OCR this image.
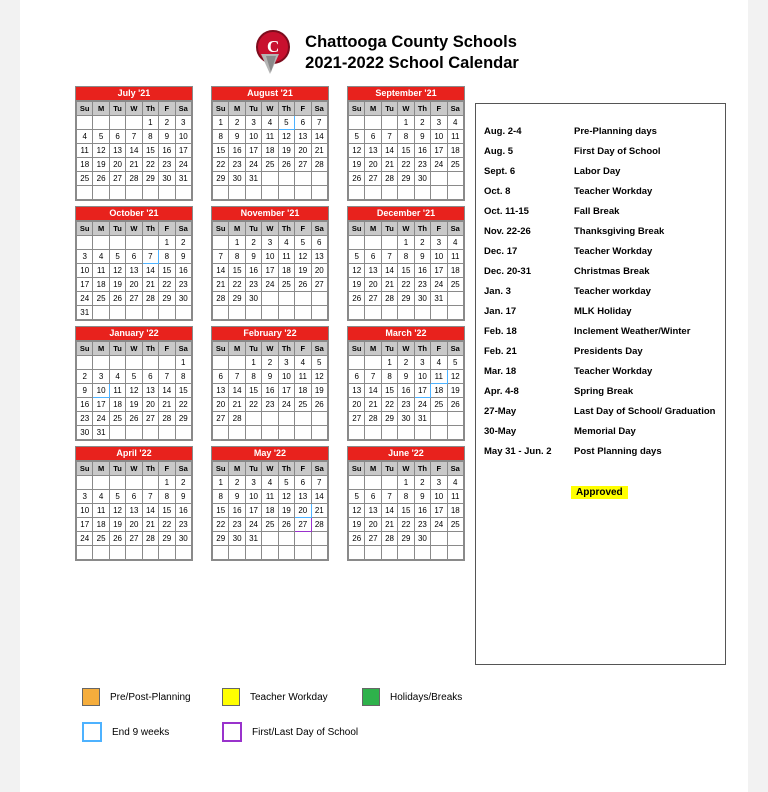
C	Chattooga County Schools
2021-2022 School Calendar
July '21
Su	M	Tu	W	Th	F	Sa
				1	2	3
4	5	6	7	8	9	10
11	12	13	14	15	16	17
18	19	20	21	22	23	24
25	26	27	28	29	30	31

August '21
Su	M	Tu	W	Th	F	Sa
1	2	3	4	5	6	7
8	9	10	11	12	13	14
15	16	17	18	19	20	21
22	23	24	25	26	27	28
29	30	31				

September '21
Su	M	Tu	W	Th	F	Sa
			1	2	3	4
5	6	7	8	9	10	11
12	13	14	15	16	17	18
19	20	21	22	23	24	25
26	27	28	29	30		

October '21
Su	M	Tu	W	Th	F	Sa
					1	2
3	4	5	6	7	8	9
10	11	12	13	14	15	16
17	18	19	20	21	22	23
24	25	26	27	28	29	30
31						
November '21
Su	M	Tu	W	Th	F	Sa
	1	2	3	4	5	6
7	8	9	10	11	12	13
14	15	16	17	18	19	20
21	22	23	24	25	26	27
28	29	30				

December '21
Su	M	Tu	W	Th	F	Sa
			1	2	3	4
5	6	7	8	9	10	11
12	13	14	15	16	17	18
19	20	21	22	23	24	25
26	27	28	29	30	31	

January '22
Su	M	Tu	W	Th	F	Sa
						1
2	3	4	5	6	7	8
9	10	11	12	13	14	15
16	17	18	19	20	21	22
23	24	25	26	27	28	29
30	31					
February '22
Su	M	Tu	W	Th	F	Sa
		1	2	3	4	5
6	7	8	9	10	11	12
13	14	15	16	17	18	19
20	21	22	23	24	25	26
27	28					

March '22
Su	M	Tu	W	Th	F	Sa
		1	2	3	4	5
6	7	8	9	10	11	12
13	14	15	16	17	18	19
20	21	22	23	24	25	26
27	28	29	30	31		

April '22
Su	M	Tu	W	Th	F	Sa
					1	2
3	4	5	6	7	8	9
10	11	12	13	14	15	16
17	18	19	20	21	22	23
24	25	26	27	28	29	30

May '22
Su	M	Tu	W	Th	F	Sa
1	2	3	4	5	6	7
8	9	10	11	12	13	14
15	16	17	18	19	20	21
22	23	24	25	26	27	28
29	30	31				

June '22
Su	M	Tu	W	Th	F	Sa
			1	2	3	4
5	6	7	8	9	10	11
12	13	14	15	16	17	18
19	20	21	22	23	24	25
26	27	28	29	30		

Aug. 2-4	Pre-Planning days
Aug. 5	First Day of School
Sept. 6	Labor Day
Oct. 8	Teacher Workday
Oct. 11-15	Fall Break
Nov. 22-26	Thanksgiving Break
Dec. 17	Teacher Workday
Dec. 20-31	Christmas Break
Jan. 3	Teacher workday
Jan. 17	MLK Holiday
Feb. 18	Inclement Weather/Winter
Feb. 21	Presidents Day
Mar. 18	Teacher Workday
Apr. 4-8	Spring Break
27-May	Last Day of School/ Graduation
30-May	Memorial Day
May 31 - Jun. 2	Post Planning days
Approved
Pre/Post-Planning	Teacher Workday	Holidays/Breaks
End 9 weeks	First/Last Day of School
